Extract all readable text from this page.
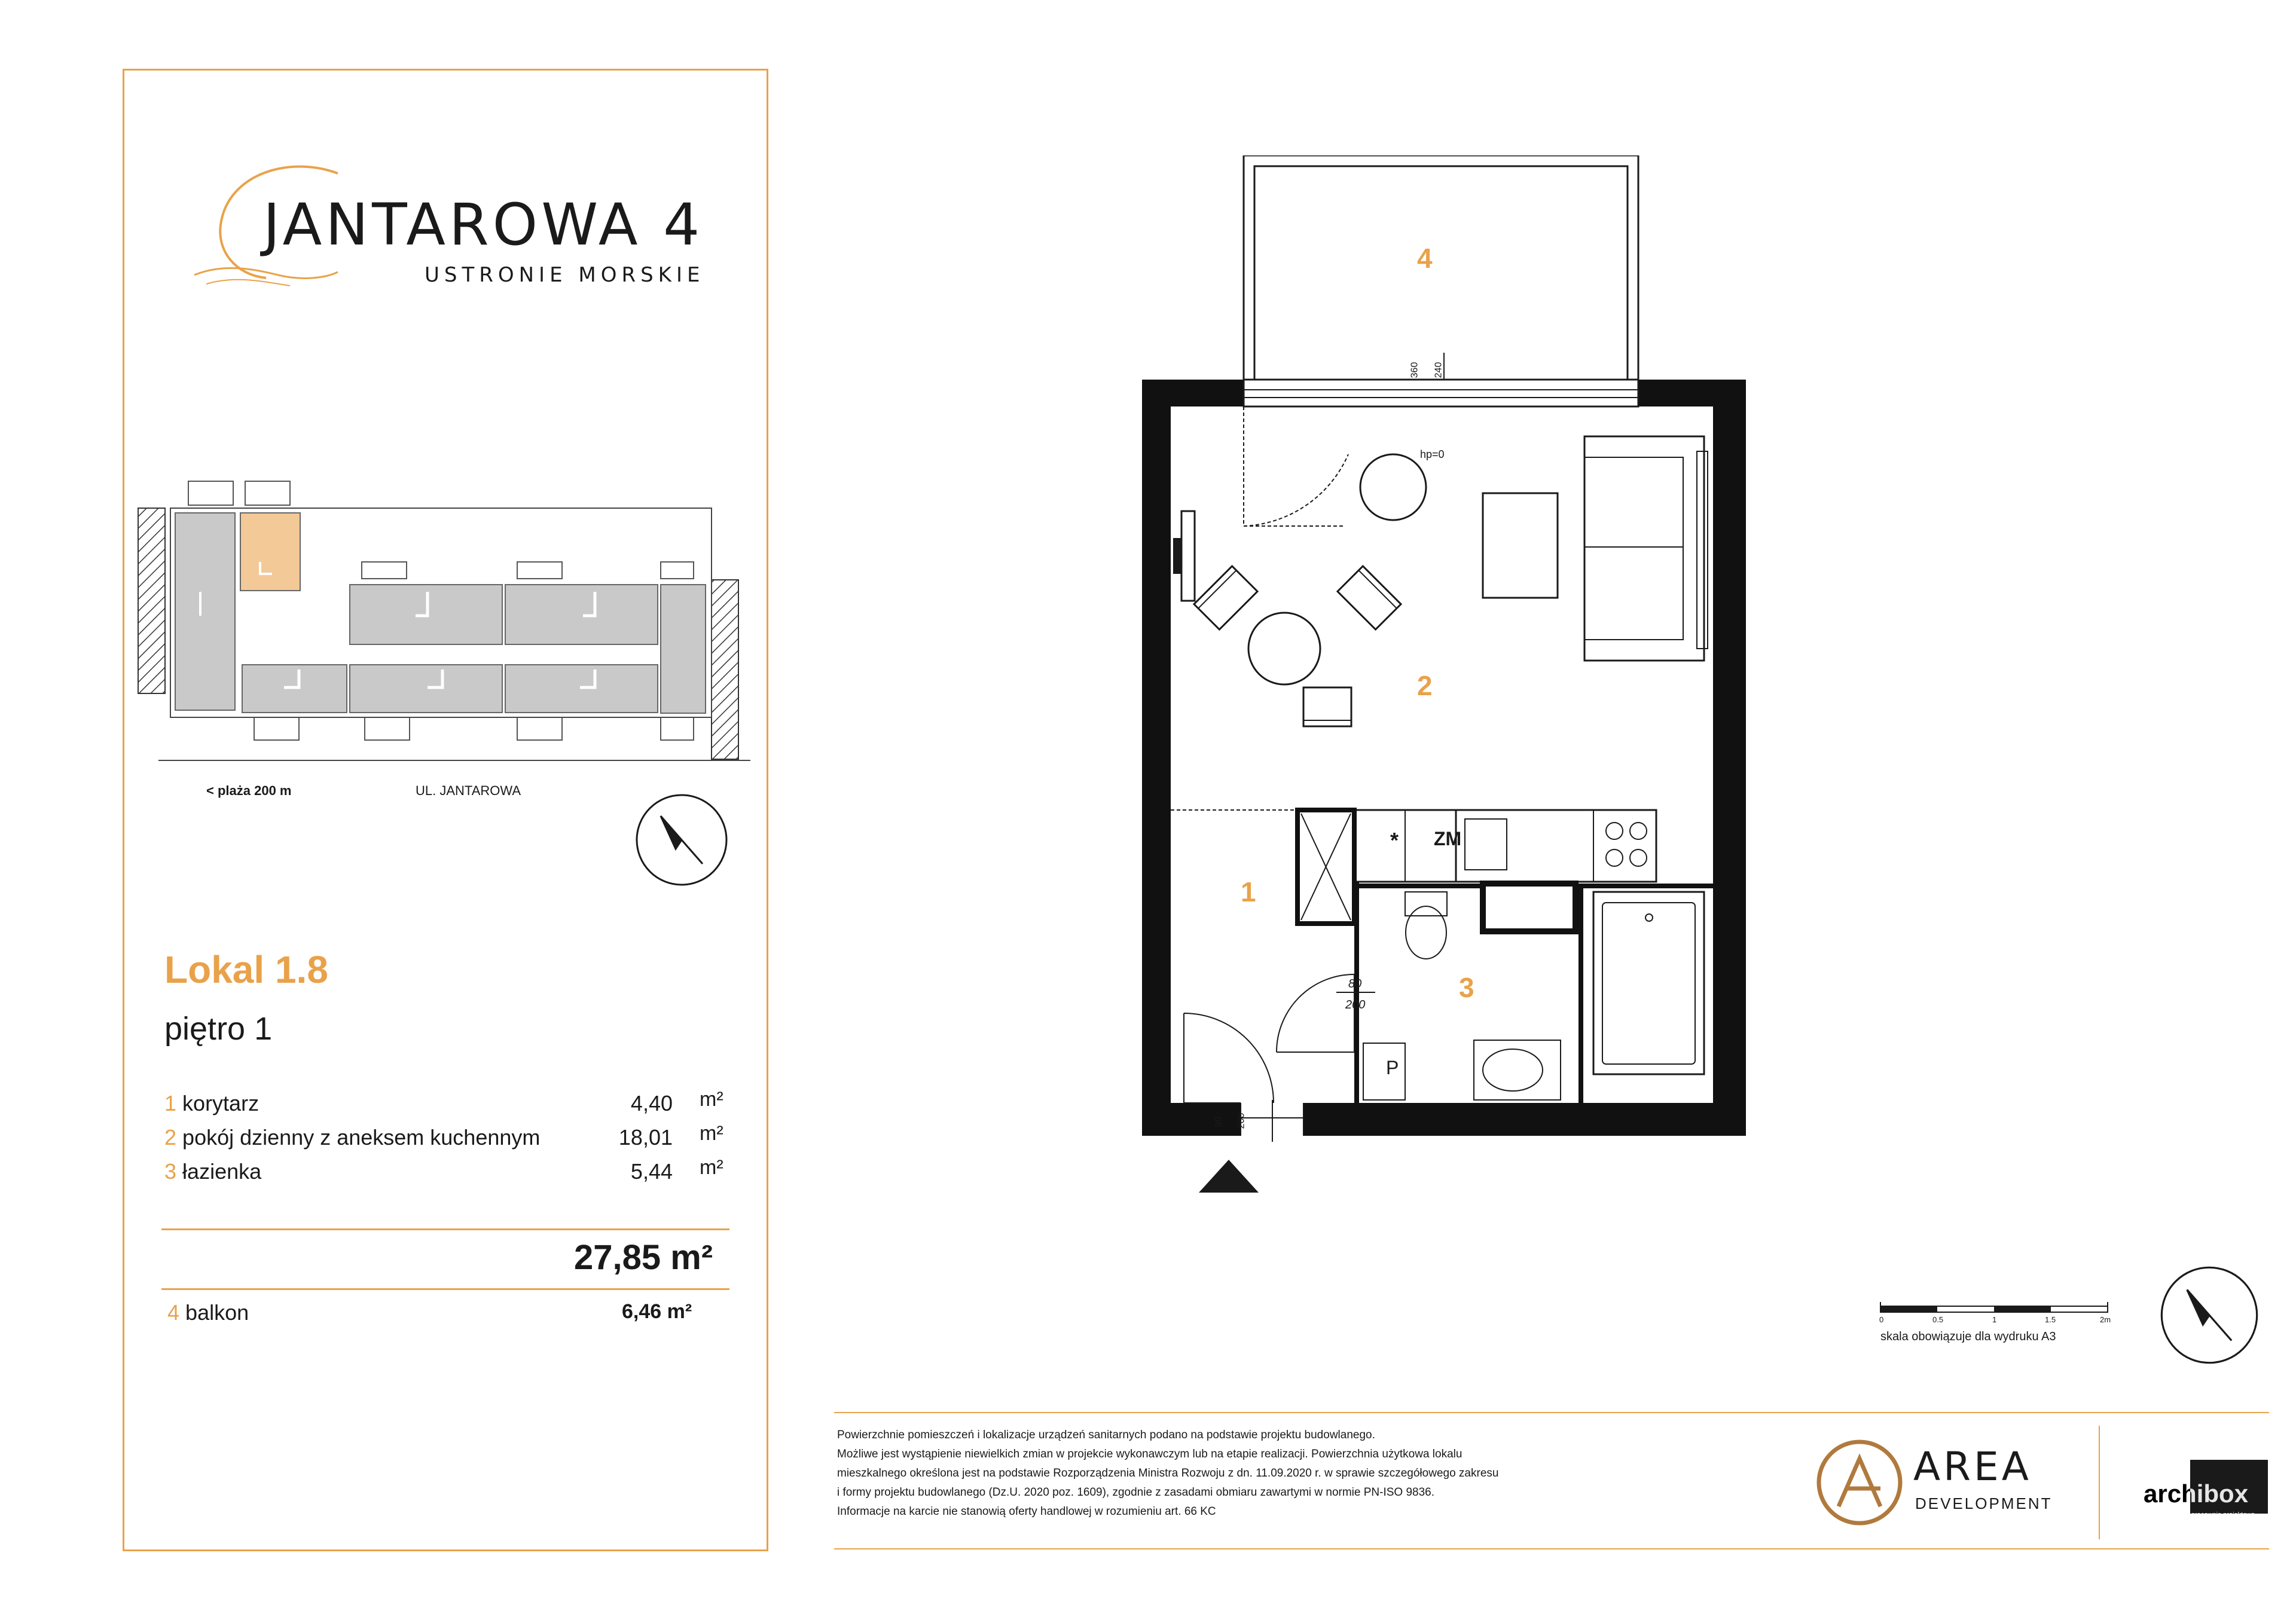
JANTAROWA 4
USTRONIE MORSKIE
< plaża 200 m	UL. JANTAROWA
Lokal 1.8
piętro 1
1 korytarz	4,40 m²
2 pokój dzienny z aneksem kuchennym	18,01 m²
3 łazienka	5,44 m²
27,85 m²
4 balkon	6,46 m²
4
2
1
3
hp=0
360 240
* ZM
P
80
200
90 200
0	0.5	1	1.5	2m
skala obowiązuje dla wydruku A3
Powierzchnie pomieszczeń i lokalizacje urządzeń sanitarnych podano na podstawie projektu budowlanego.
Możliwe jest wystąpienie niewielkich zmian w projekcie wykonawczym lub na etapie realizacji. Powierzchnia użytkowa lokalu
mieszkalnego określona jest na podstawie Rozporządzenia Ministra Rozwoju z dn. 11.09.2020 r. w sprawie szczegółowego zakresu
i formy projektu budowlanego (Dz.U. 2020 poz. 1609), zgodnie z zasadami obmiaru zawartymi w normie PN-ISO 9836.
Informacje na karcie nie stanowią oferty handlowej w rozumieniu art. 66 KC
AREA
DEVELOPMENT	archibox
pracownia projektowa
